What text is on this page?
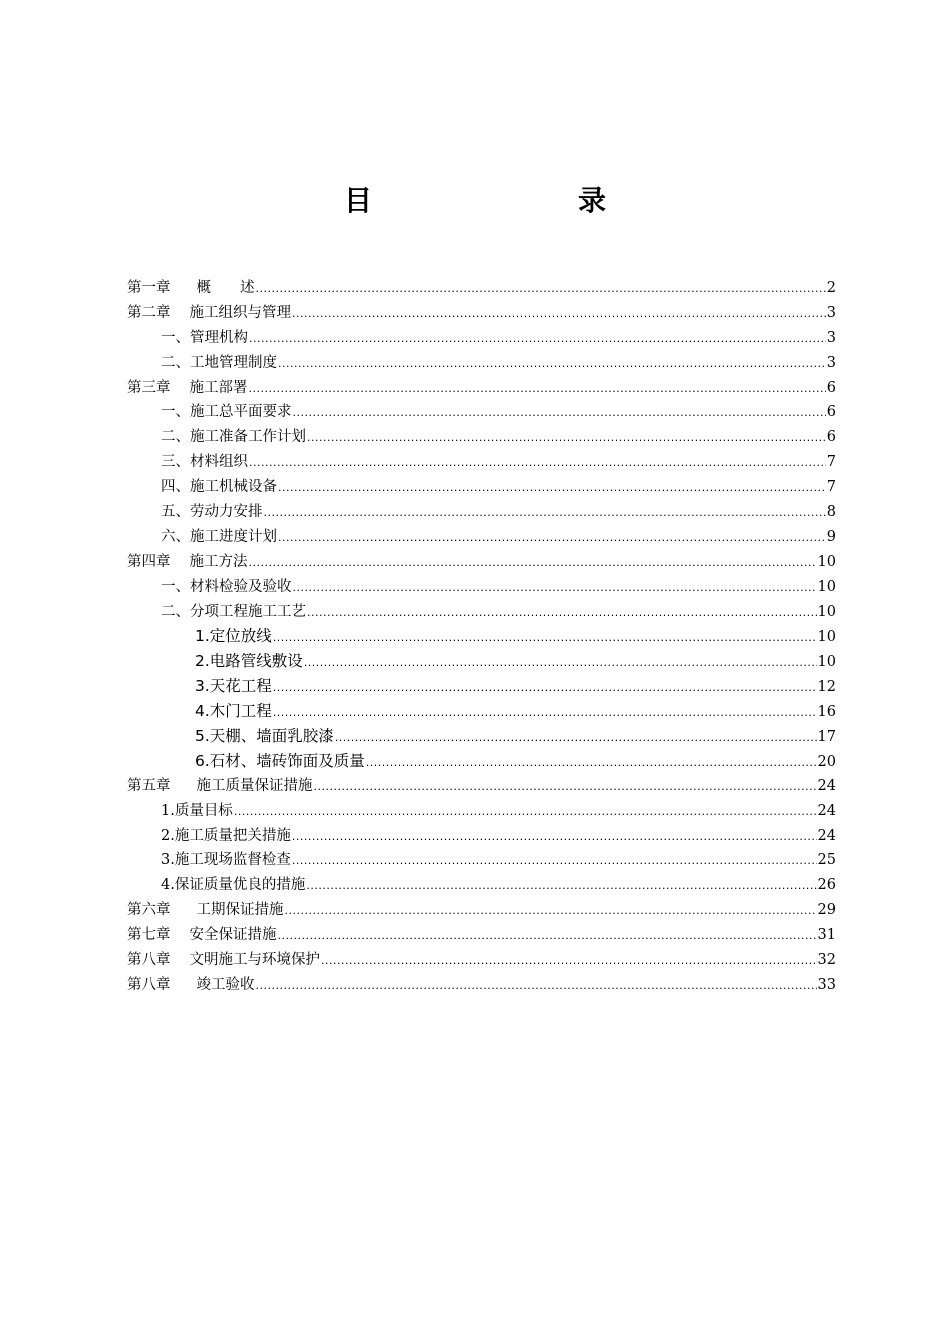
目　　录
第一章 概　　述 .....	2
第二章 施工组织与管理 .....	3
一、管理机构 .....	3
二、工地管理制度 .....	3
第三章 施工部署 .....	6
一、施工总平面要求 .....	6
二、施工准备工作计划 .....	6
三、材料组织 .....	7
四、施工机械设备 .....	7
五、劳动力安排 .....	8
六、施工进度计划 .....	9
第四章 施工方法 .....	10
一、材料检验及验收 .....	10
二、分项工程施工工艺 .....	10
1.定位放线 .....	10
2.电路管线敷设 .....	10
3.天花工程 .....	12
4.木门工程 .....	16
5.天棚、墙面乳胶漆 .....	17
6.石材、墙砖饰面及质量 .....	20
第五章 施工质量保证措施 .....	24
1.质量目标 .....	24
2.施工质量把关措施 .....	24
3.施工现场监督检查 .....	25
4.保证质量优良的措施 .....	26
第六章 工期保证措施 .....	29
第七章 安全保证措施 .....	31
第八章 文明施工与环境保护 .....	32
第八章 竣工验收 .....	33
